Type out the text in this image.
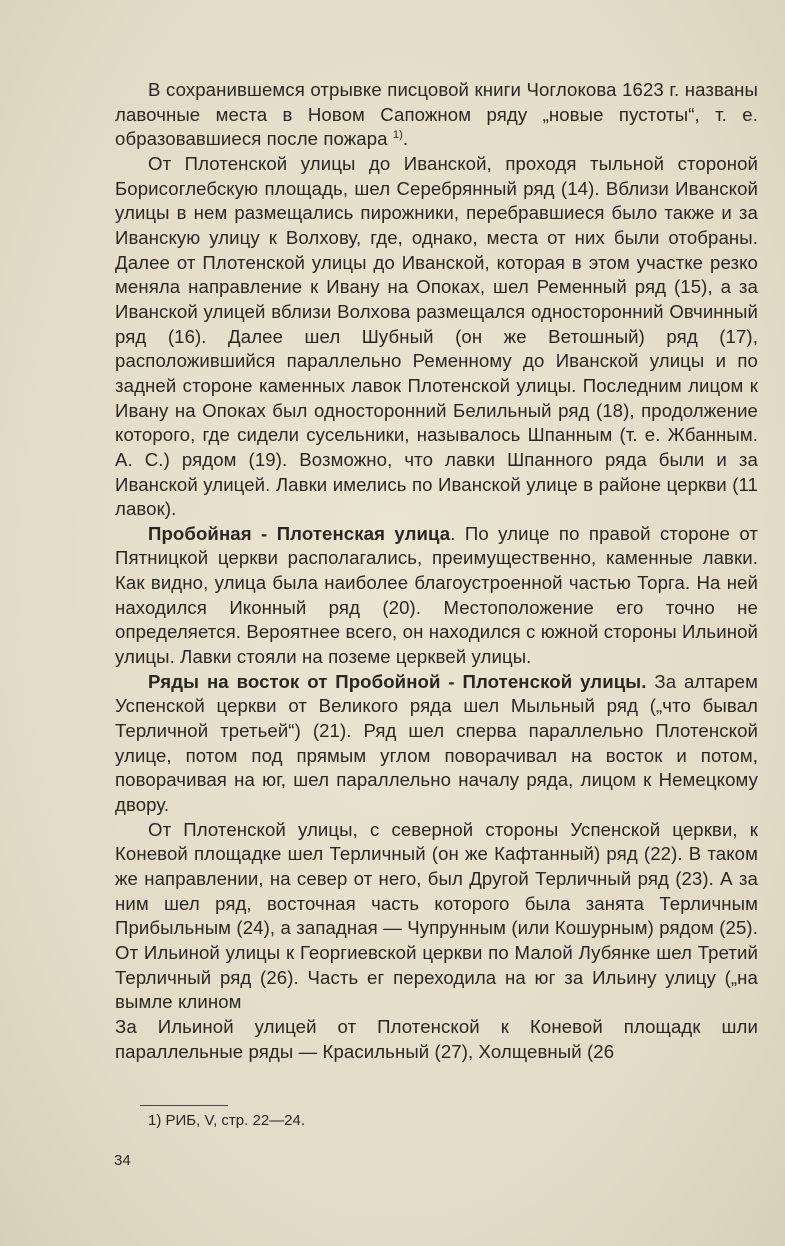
В сохранившемся отрывке писцовой книги Чоглокова 1623 г. названы лавочные места в Новом Сапожном ряду „новые пустоты“, т. е. образовавшиеся после пожара $^{1)}$.

От Плотенской улицы до Иванской, проходя тыльной стороной Борисоглебскую площадь, шел Серебрянный ряд (14). Вблизи Иванской улицы в нем размещались пирожники, перебравшиеся было также и за Иванскую улицу к Волхову, где, однако, места от них были отобраны. Далее от Плотенской улицы до Иванской, которая в этом участке резко меняла направление к Ивану на Опоках, шел Ременный ряд (15), а за Иванской улицей вблизи Волхова размещался односторонний Овчинный ряд (16). Далее шел Шубный (он же Ветошный) ряд (17), расположившийся параллельно Ременному до Иванской улицы и по задней стороне каменных лавок Плотенской улицы. Последним лицом к Ивану на Опоках был односторонний Белильный ряд (18), продолжение которого, где сидели сусельники, называлось Шпанным (т. е. Жбанным. А. С.) рядом (19). Возможно, что лавки Шпанного ряда были и за Иванской улицей. Лавки имелись по Иванской улице в районе церкви (11 лавок).

Пробойная - Плотенская улица. По улице по правой стороне от Пятницкой церкви располагались, преимущественно, каменные лавки. Как видно, улица была наиболее благоустроенной частью Торга. На ней находился Иконный ряд (20). Местоположение его точно не определяется. Вероятнее всего, он находился с южной стороны Ильиной улицы. Лавки стояли на поземе церквей улицы.

Ряды на восток от Пробойной - Плотенской улицы. За алтарем Успенской церкви от Великого ряда шел Мыльный ряд („что бывал Терличной третьей“) (21). Ряд шел сперва параллельно Плотенской улице, потом под прямым углом поворачивал на восток и потом, поворачивая на юг, шел параллельно началу ряда, лицом к Немецкому двору.

От Плотенской улицы, с северной стороны Успенской церкви, к Коневой площадке шел Терличный (он же Кафтанный) ряд (22). В таком же направлении, на север от него, был Другой Терличный ряд (23). А за ним шел ряд, восточная часть которого была занята Терличным Прибыльным (24), а западная — Чупрунным (или Кошурным) рядом (25). От Ильиной улицы к Георгиевской церкви по Малой Лубянке шел Третий Терличный ряд (26). Часть ег переходила на юг за Ильину улицу („на вымле клином

За Ильиной улицей от Плотенской к Коневой площадк шли параллельные ряды — Красильный (27), Холщевный (26

1) РИБ, V, стр. 22—24.
34
